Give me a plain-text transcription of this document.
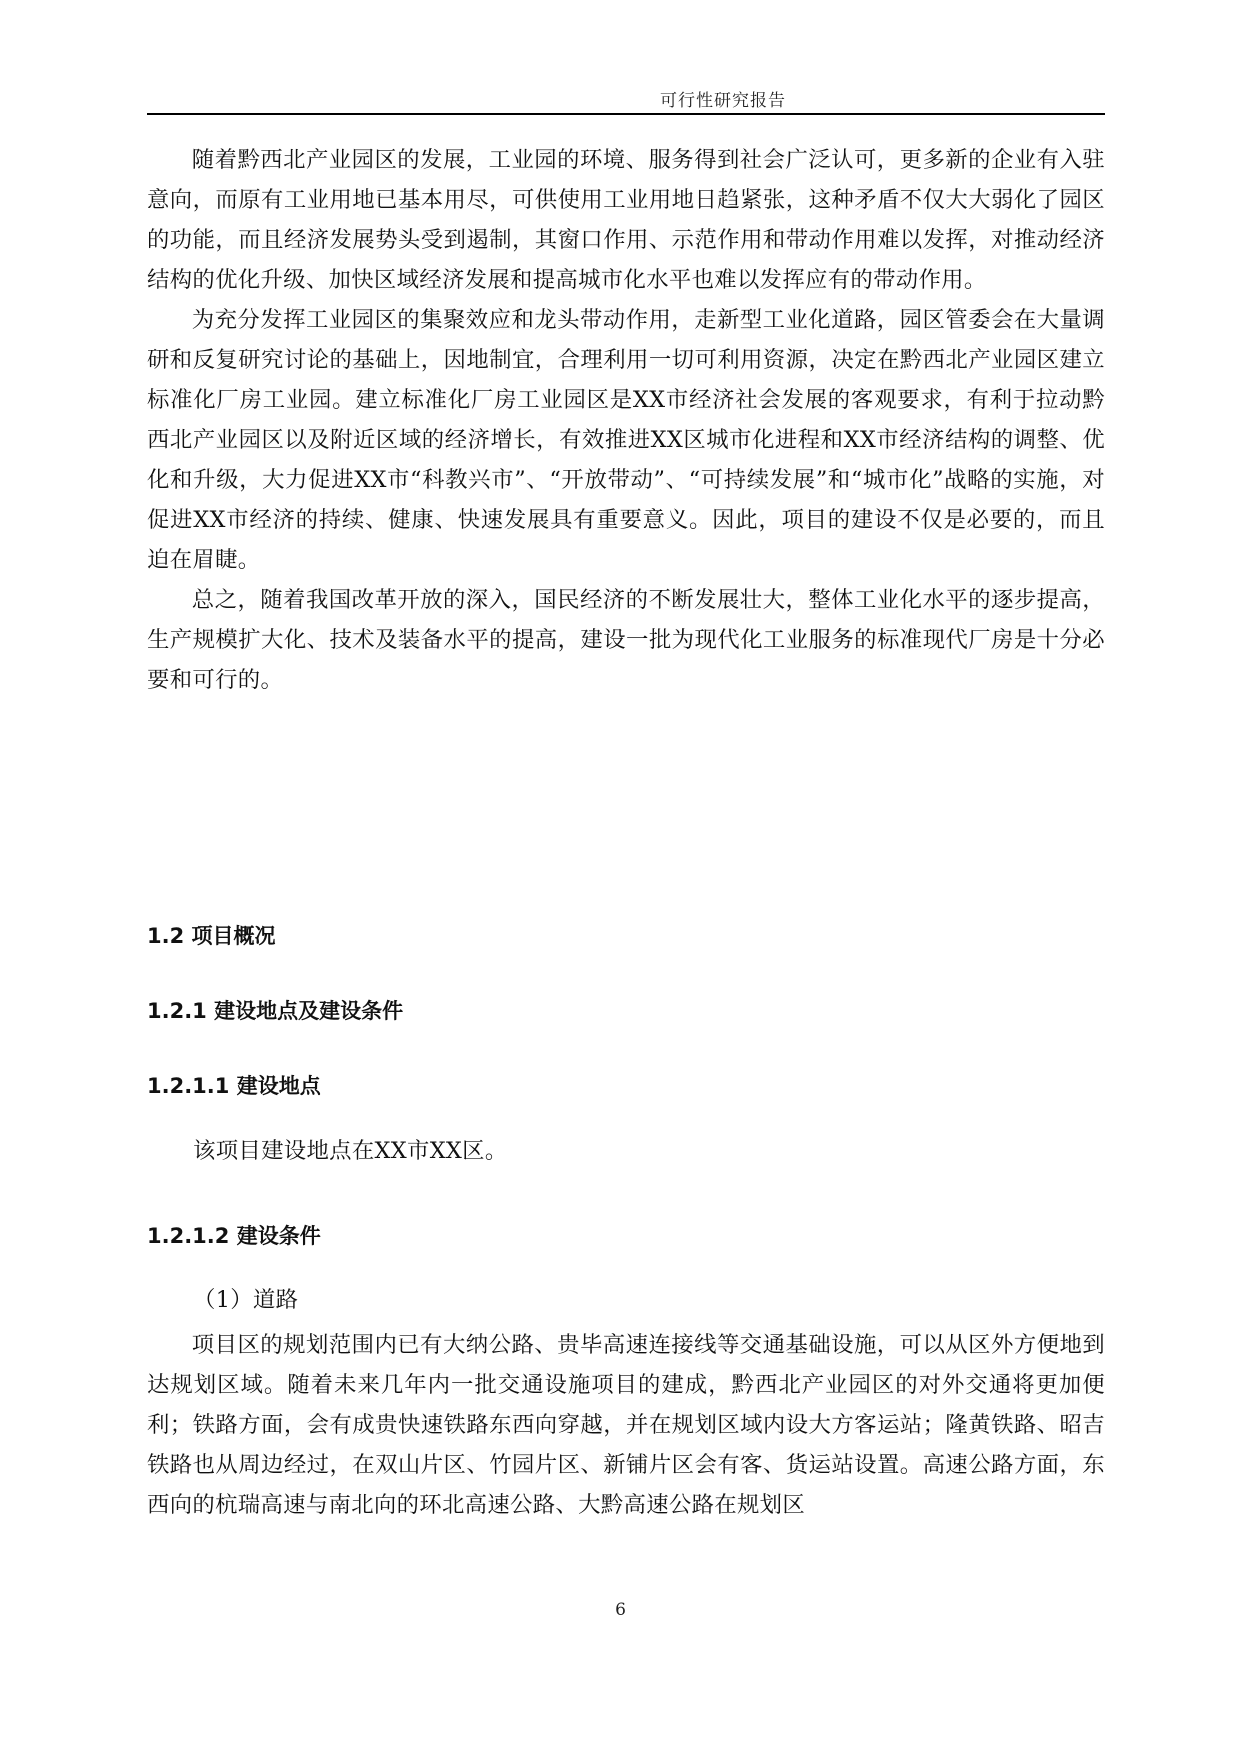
可行性研究报告

随着黔西北产业园区的发展，工业园的环境、服务得到社会广泛认可，更多新的企业有入驻意向，而原有工业用地已基本用尽，可供使用工业用地日趋紧张，这种矛盾不仅大大弱化了园区的功能，而且经济发展势头受到遏制，其窗口作用、示范作用和带动作用难以发挥，对推动经济结构的优化升级、加快区域经济发展和提高城市化水平也难以发挥应有的带动作用。

为充分发挥工业园区的集聚效应和龙头带动作用，走新型工业化道路，园区管委会在大量调研和反复研究讨论的基础上，因地制宜，合理利用一切可利用资源，决定在黔西北产业园区建立标准化厂房工业园。建立标准化厂房工业园区是XX市经济社会发展的客观要求，有利于拉动黔西北产业园区以及附近区域的经济增长，有效推进XX区城市化进程和XX市经济结构的调整、优化和升级，大力促进XX市“科教兴市”、“开放带动”、“可持续发展”和“城市化”战略的实施，对促进XX市经济的持续、健康、快速发展具有重要意义。因此，项目的建设不仅是必要的，而且迫在眉睫。

总之，随着我国改革开放的深入，国民经济的不断发展壮大，整体工业化水平的逐步提高，生产规模扩大化、技术及装备水平的提高，建设一批为现代化工业服务的标准现代厂房是十分必要和可行的。

1.2 项目概况
1.2.1 建设地点及建设条件
1.2.1.1 建设地点

该项目建设地点在XX市XX区。

1.2.1.2 建设条件

（1）道路

项目区的规划范围内已有大纳公路、贵毕高速连接线等交通基础设施，可以从区外方便地到达规划区域。随着未来几年内一批交通设施项目的建成，黔西北产业园区的对外交通将更加便利；铁路方面，会有成贵快速铁路东西向穿越，并在规划区域内设大方客运站；隆黄铁路、昭吉铁路也从周边经过，在双山片区、竹园片区、新铺片区会有客、货运站设置。高速公路方面，东西向的杭瑞高速与南北向的环北高速公路、大黔高速公路在规划区

6
